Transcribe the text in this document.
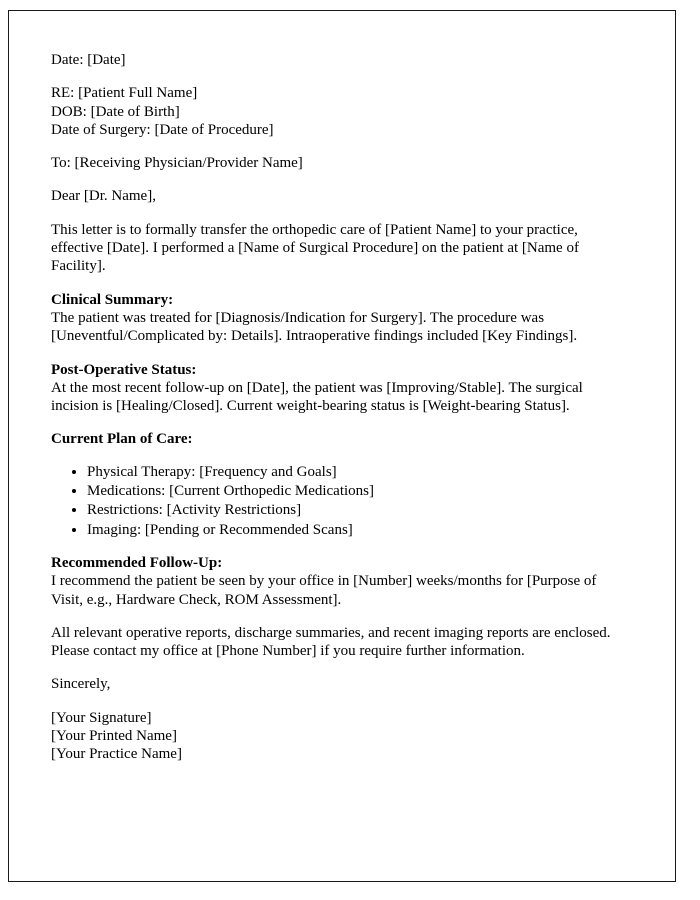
Date: [Date]

RE: [Patient Full Name]
DOB: [Date of Birth]
Date of Surgery: [Date of Procedure]

To: [Receiving Physician/Provider Name]

Dear [Dr. Name],

This letter is to formally transfer the orthopedic care of [Patient Name] to your practice, effective [Date]. I performed a [Name of Surgical Procedure] on the patient at [Name of Facility].

Clinical Summary:
The patient was treated for [Diagnosis/Indication for Surgery]. The procedure was [Uneventful/Complicated by: Details]. Intraoperative findings included [Key Findings].
Post-Operative Status:
At the most recent follow-up on [Date], the patient was [Improving/Stable]. The surgical incision is [Healing/Closed]. Current weight-bearing status is [Weight-bearing Status].
Current Plan of Care:
• Physical Therapy: [Frequency and Goals]
• Medications: [Current Orthopedic Medications]
• Restrictions: [Activity Restrictions]
• Imaging: [Pending or Recommended Scans]
Recommended Follow-Up:
I recommend the patient be seen by your office in [Number] weeks/months for [Purpose of Visit, e.g., Hardware Check, ROM Assessment].

All relevant operative reports, discharge summaries, and recent imaging reports are enclosed. Please contact my office at [Phone Number] if you require further information.

Sincerely,

[Your Signature]
[Your Printed Name]
[Your Practice Name]
